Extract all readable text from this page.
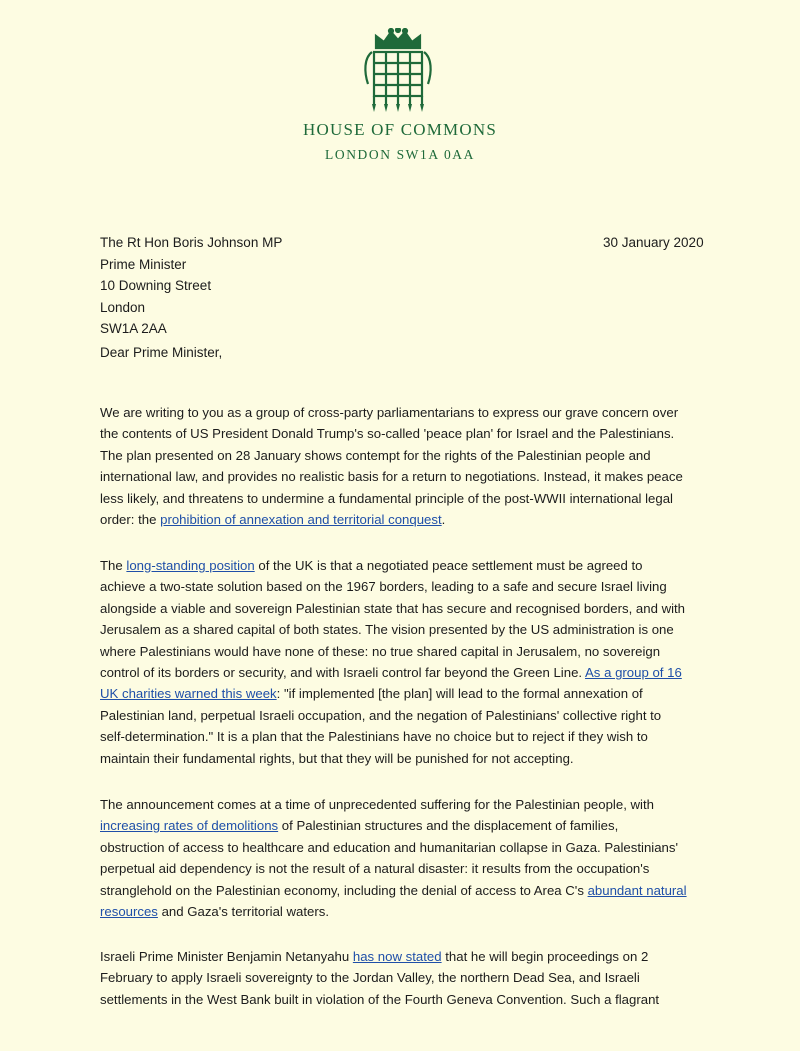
HOUSE OF COMMONS
LONDON SW1A 0AA
The Rt Hon Boris Johnson MP
Prime Minister
10 Downing Street
London
SW1A 2AA
30 January 2020
Dear Prime Minister,
We are writing to you as a group of cross-party parliamentarians to express our grave concern over
the contents of US President Donald Trump's so-called 'peace plan' for Israel and the Palestinians.
The plan presented on 28 January shows contempt for the rights of the Palestinian people and
international law, and provides no realistic basis for a return to negotiations. Instead, it makes peace
less likely, and threatens to undermine a fundamental principle of the post-WWII international legal
order: the prohibition of annexation and territorial conquest.
The long-standing position of the UK is that a negotiated peace settlement must be agreed to
achieve a two-state solution based on the 1967 borders, leading to a safe and secure Israel living
alongside a viable and sovereign Palestinian state that has secure and recognised borders, and with
Jerusalem as a shared capital of both states. The vision presented by the US administration is one
where Palestinians would have none of these: no true shared capital in Jerusalem, no sovereign
control of its borders or security, and with Israeli control far beyond the Green Line. As a group of 16
UK charities warned this week: "if implemented [the plan] will lead to the formal annexation of
Palestinian land, perpetual Israeli occupation, and the negation of Palestinians' collective right to
self-determination." It is a plan that the Palestinians have no choice but to reject if they wish to
maintain their fundamental rights, but that they will be punished for not accepting.
The announcement comes at a time of unprecedented suffering for the Palestinian people, with
increasing rates of demolitions of Palestinian structures and the displacement of families,
obstruction of access to healthcare and education and humanitarian collapse in Gaza. Palestinians'
perpetual aid dependency is not the result of a natural disaster: it results from the occupation's
stranglehold on the Palestinian economy, including the denial of access to Area C's abundant natural
resources and Gaza's territorial waters.
Israeli Prime Minister Benjamin Netanyahu has now stated that he will begin proceedings on 2
February to apply Israeli sovereignty to the Jordan Valley, the northern Dead Sea, and Israeli
settlements in the West Bank built in violation of the Fourth Geneva Convention. Such a flagrant
